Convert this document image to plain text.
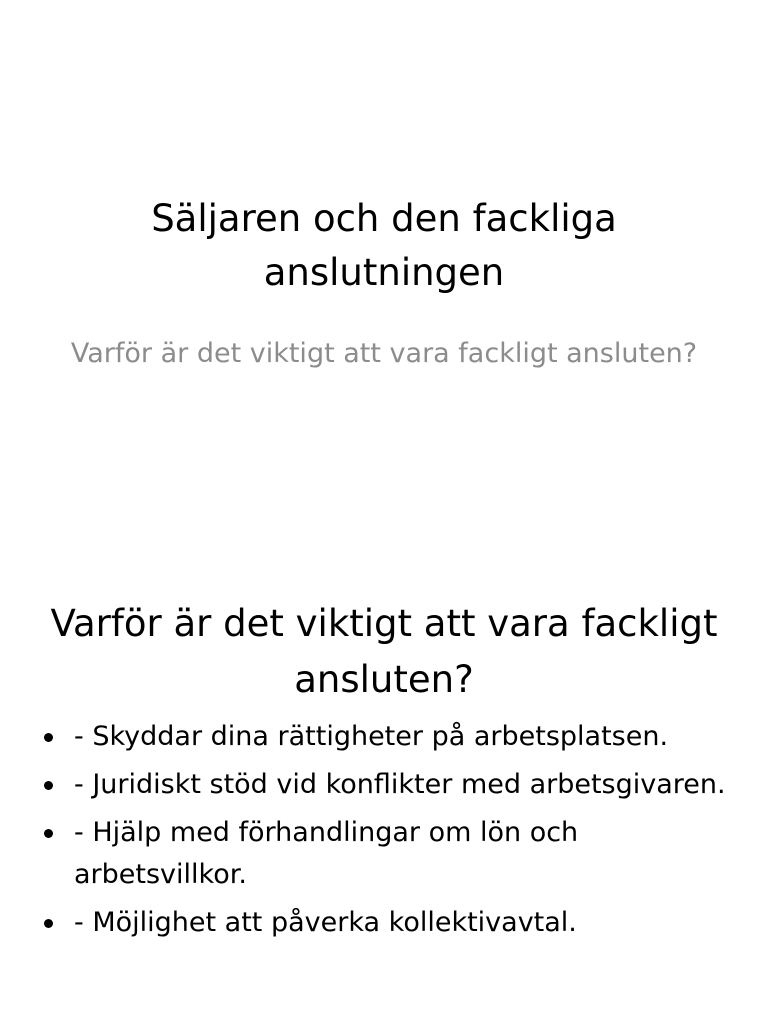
Säljaren och den fackliga anslutningen

Varför är det viktigt att vara fackligt ansluten?

Varför är det viktigt att vara fackligt ansluten?
- Skyddar dina rättigheter på arbetsplatsen.
- Juridiskt stöd vid konflikter med arbetsgivaren.
- Hjälp med förhandlingar om lön och arbetsvillkor.
- Möjlighet att påverka kollektivavtal.
